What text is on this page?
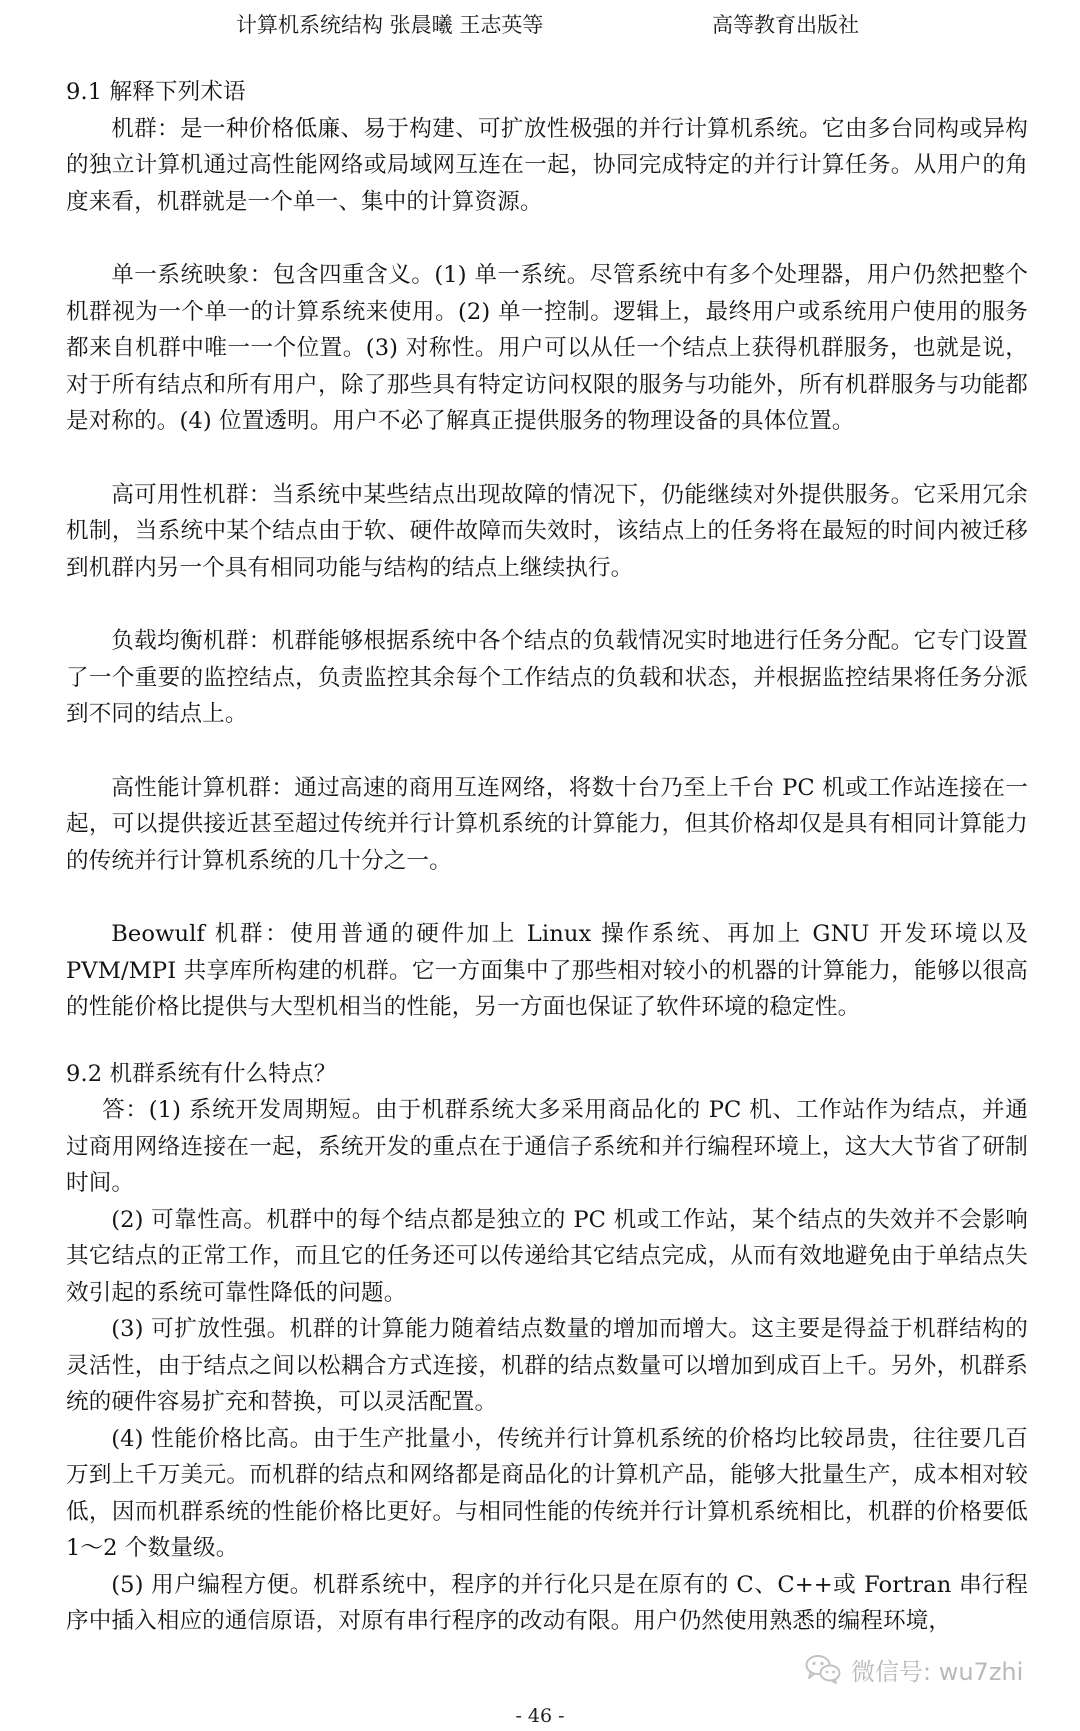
计算机系统结构 张晨曦 王志英等	高等教育出版社

9.1 解释下列术语

机群：是一种价格低廉、易于构建、可扩放性极强的并行计算机系统。它由多台同构或异构的独立计算机通过高性能网络或局域网互连在一起，协同完成特定的并行计算任务。从用户的角度来看，机群就是一个单一、集中的计算资源。

单一系统映象：包含四重含义。(1) 单一系统。尽管系统中有多个处理器，用户仍然把整个机群视为一个单一的计算系统来使用。(2) 单一控制。逻辑上，最终用户或系统用户使用的服务都来自机群中唯一一个位置。(3) 对称性。用户可以从任一个结点上获得机群服务，也就是说，对于所有结点和所有用户，除了那些具有特定访问权限的服务与功能外，所有机群服务与功能都是对称的。(4) 位置透明。用户不必了解真正提供服务的物理设备的具体位置。

高可用性机群：当系统中某些结点出现故障的情况下，仍能继续对外提供服务。它采用冗余机制，当系统中某个结点由于软、硬件故障而失效时，该结点上的任务将在最短的时间内被迁移到机群内另一个具有相同功能与结构的结点上继续执行。

负载均衡机群：机群能够根据系统中各个结点的负载情况实时地进行任务分配。它专门设置了一个重要的监控结点，负责监控其余每个工作结点的负载和状态，并根据监控结果将任务分派到不同的结点上。

高性能计算机群：通过高速的商用互连网络，将数十台乃至上千台 PC 机或工作站连接在一起，可以提供接近甚至超过传统并行计算机系统的计算能力，但其价格却仅是具有相同计算能力的传统并行计算机系统的几十分之一。

Beowulf 机群：使用普通的硬件加上 Linux 操作系统、再加上 GNU 开发环境以及 PVM/MPI 共享库所构建的机群。它一方面集中了那些相对较小的机器的计算能力，能够以很高的性能价格比提供与大型机相当的性能，另一方面也保证了软件环境的稳定性。

9.2 机群系统有什么特点？

答：(1) 系统开发周期短。由于机群系统大多采用商品化的 PC 机、工作站作为结点，并通过商用网络连接在一起，系统开发的重点在于通信子系统和并行编程环境上，这大大节省了研制时间。

(2) 可靠性高。机群中的每个结点都是独立的 PC 机或工作站，某个结点的失效并不会影响其它结点的正常工作，而且它的任务还可以传递给其它结点完成，从而有效地避免由于单结点失效引起的系统可靠性降低的问题。

(3) 可扩放性强。机群的计算能力随着结点数量的增加而增大。这主要是得益于机群结构的灵活性，由于结点之间以松耦合方式连接，机群的结点数量可以增加到成百上千。另外，机群系统的硬件容易扩充和替换，可以灵活配置。

(4) 性能价格比高。由于生产批量小，传统并行计算机系统的价格均比较昂贵，往往要几百万到上千万美元。而机群的结点和网络都是商品化的计算机产品，能够大批量生产，成本相对较低，因而机群系统的性能价格比更好。与相同性能的传统并行计算机系统相比，机群的价格要低 1～2 个数量级。

(5) 用户编程方便。机群系统中，程序的并行化只是在原有的 C、C++或 Fortran 串行程序中插入相应的通信原语，对原有串行程序的改动有限。用户仍然使用熟悉的编程环境，

微信号: wu7zhi
- 46 -
